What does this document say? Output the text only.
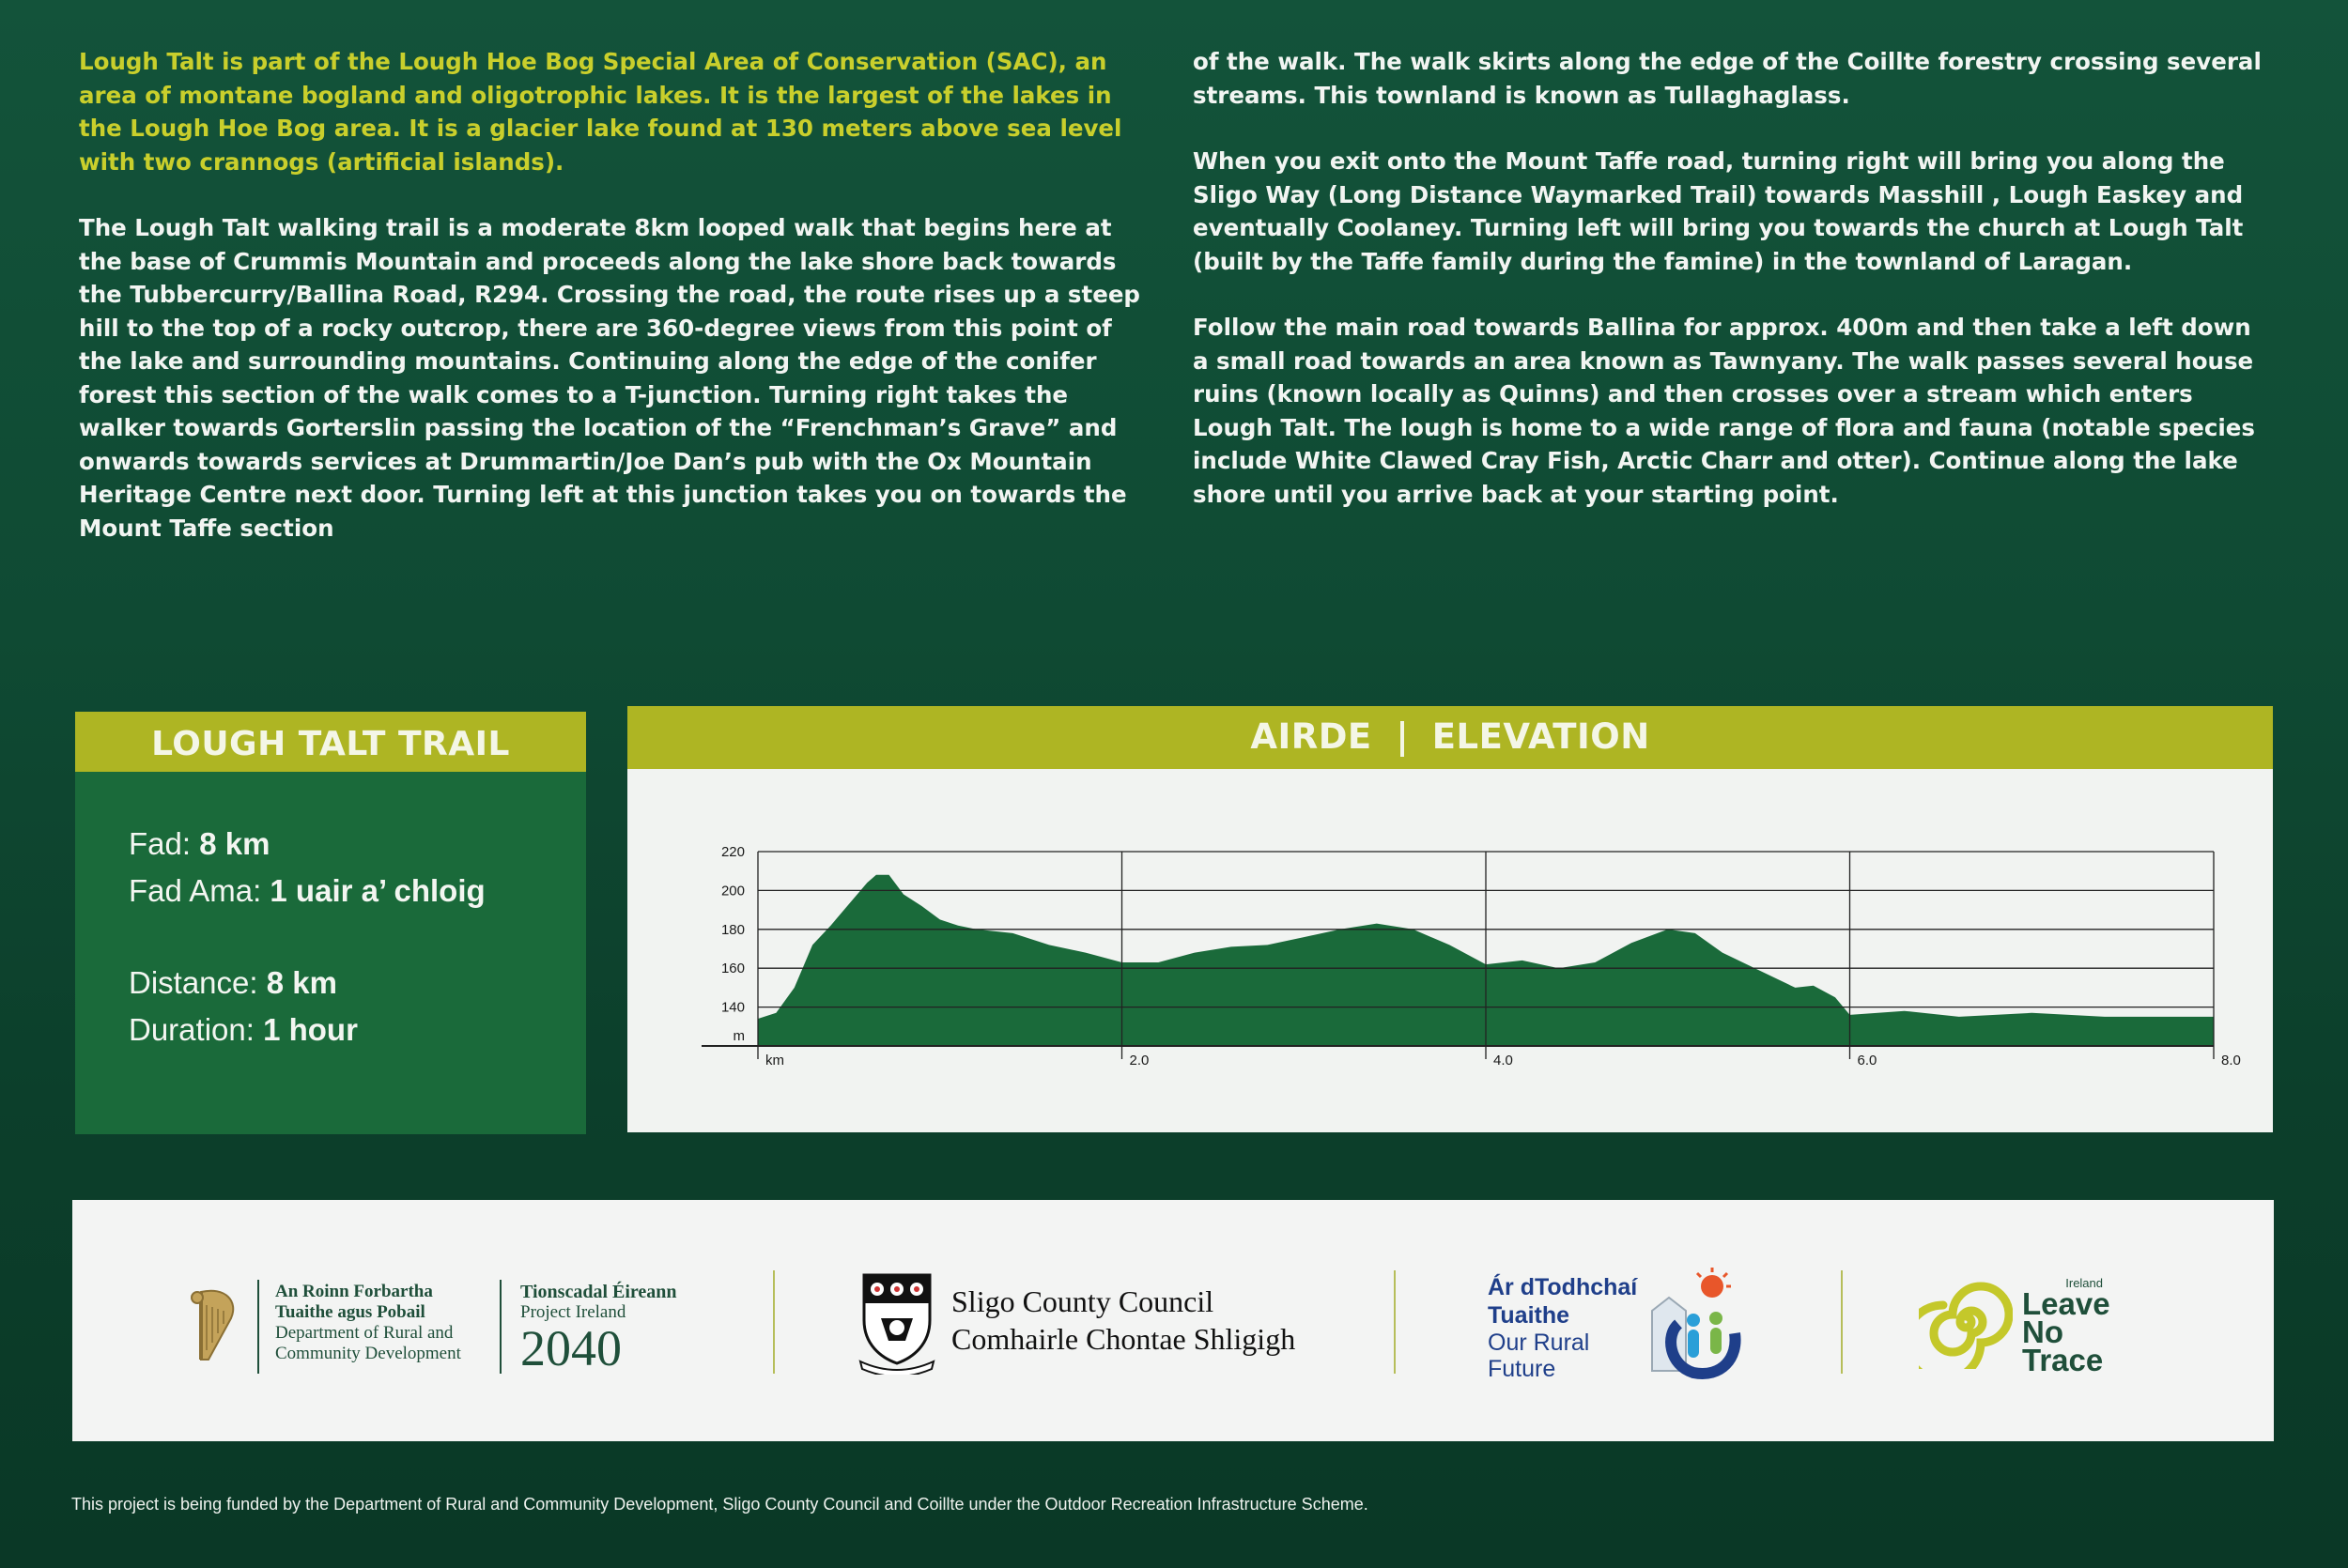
Lough Talt is part of the Lough Hoe Bog Special Area of Conservation (SAC), an area of montane bogland and oligotrophic lakes. It is the largest of the lakes in the Lough Hoe Bog area. It is a glacier lake found at 130 meters above sea level with two crannogs (artificial islands).

The Lough Talt walking trail is a moderate 8km looped walk that begins here at the base of Crummis Mountain and proceeds along the lake shore back towards the Tubbercurry/Ballina Road, R294. Crossing the road, the route rises up a steep hill to the top of a rocky outcrop, there are 360-degree views from this point of the lake and surrounding mountains. Continuing along the edge of the conifer forest this section of the walk comes to a T-junction. Turning right takes the walker towards Gorterslin passing the location of the “Frenchman’s Grave” and onwards towards services at Drummartin/Joe Dan’s pub with the Ox Mountain Heritage Centre next door. Turning left at this junction takes you on towards the Mount Taffe section

of the walk. The walk skirts along the edge of the Coillte forestry crossing several streams. This townland is known as Tullaghaglass.

When you exit onto the Mount Taffe road, turning right will bring you along the Sligo Way (Long Distance Waymarked Trail) towards Masshill , Lough Easkey and eventually Coolaney. Turning left will bring you towards the church at Lough Talt (built by the Taffe family during the famine) in the townland of Laragan.

Follow the main road towards Ballina for approx. 400m and then take a left down a small road towards an area known as Tawnyany. The walk passes several house ruins (known locally as Quinns) and then crosses over a stream which enters Lough Talt. The lough is home to a wide range of flora and fauna (notable species include White Clawed Cray Fish, Arctic Charr and otter). Continue along the lake shore until you arrive back at your starting point.

LOUGH TALT TRAIL
Fad: 8 km
Fad Ama: 1 uair a’ chloig
Distance: 8 km
Duration: 1 hour
AIRDE ELEVATION
220
200
180
160
140
2.0	4.0	6.0	8.0
m
km
An Roinn Forbartha
Tuaithe agus Pobail
Department of Rural and
Community Development
Tionscadal Éireann
Project Ireland
2040
Sligo County Council
Comhairle Chontae Shligigh
Ár dTodhchaí
Tuaithe
Our Rural
Future
Ireland
Leave
No
Trace
This project is being funded by the Department of Rural and Community Development, Sligo County Council and Coillte under the Outdoor Recreation Infrastructure Scheme.
